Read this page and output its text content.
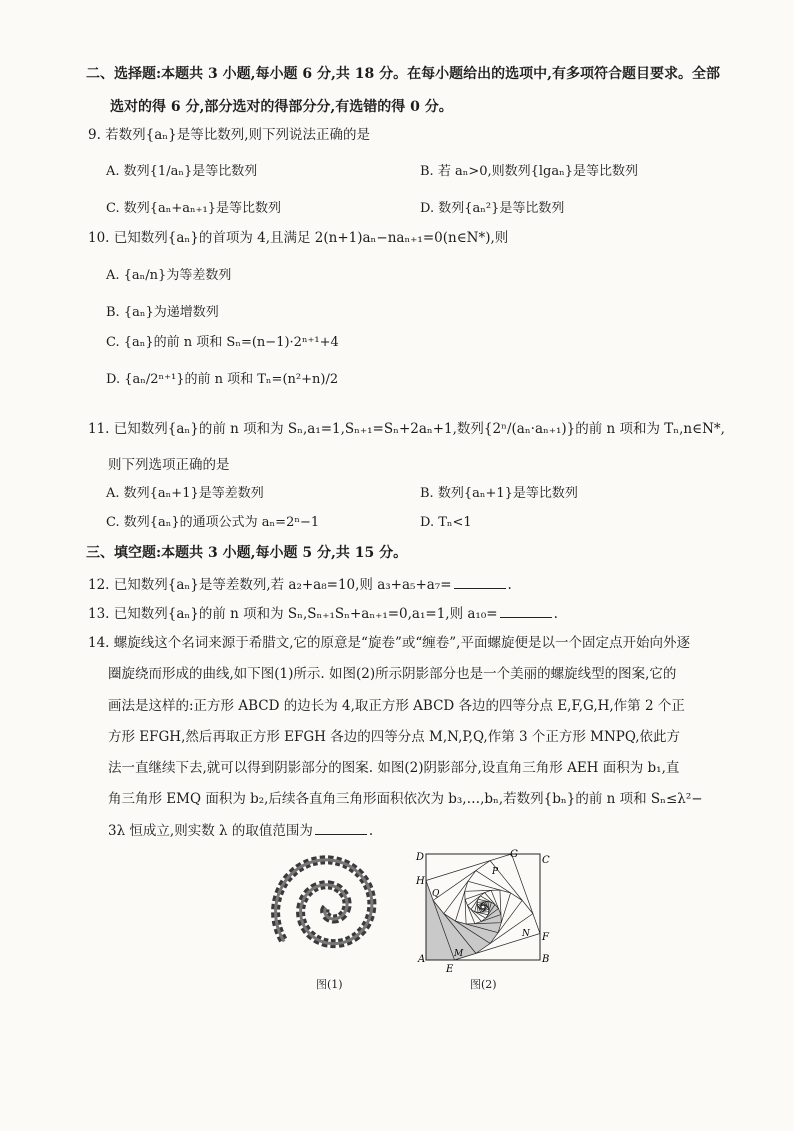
二、选择题:本题共 3 小题,每小题 6 分,共 18 分。在每小题给出的选项中,有多项符合题目要求。全部
选对的得 6 分,部分选对的得部分分,有选错的得 0 分。
9. 若数列{aₙ}是等比数列,则下列说法正确的是
A. 数列{1/aₙ}是等比数列	B. 若 aₙ>0,则数列{lgaₙ}是等比数列
C. 数列{aₙ+aₙ₊₁}是等比数列	D. 数列{aₙ²}是等比数列
10. 已知数列{aₙ}的首项为 4,且满足 2(n+1)aₙ−naₙ₊₁=0(n∈N*),则
A. {aₙ/n}为等差数列
B. {aₙ}为递增数列
C. {aₙ}的前 n 项和 Sₙ=(n−1)·2ⁿ⁺¹+4
D. {aₙ/2ⁿ⁺¹}的前 n 项和 Tₙ=(n²+n)/2
11. 已知数列{aₙ}的前 n 项和为 Sₙ,a₁=1,Sₙ₊₁=Sₙ+2aₙ+1,数列{2ⁿ/(aₙ·aₙ₊₁)}的前 n 项和为 Tₙ,n∈N*,
则下列选项正确的是
A. 数列{aₙ+1}是等差数列	B. 数列{aₙ+1}是等比数列
C. 数列{aₙ}的通项公式为 aₙ=2ⁿ−1	D. Tₙ<1
三、填空题:本题共 3 小题,每小题 5 分,共 15 分。
12. 已知数列{aₙ}是等差数列,若 a₂+a₈=10,则 a₃+a₅+a₇=	.
13. 已知数列{aₙ}的前 n 项和为 Sₙ,Sₙ₊₁Sₙ+aₙ₊₁=0,a₁=1,则 a₁₀=	.
14. 螺旋线这个名词来源于希腊文,它的原意是“旋卷”或“缠卷”,平面螺旋便是以一个固定点开始向外逐
圈旋绕而形成的曲线,如下图(1)所示. 如图(2)所示阴影部分也是一个美丽的螺旋线型的图案,它的
画法是这样的:正方形 ABCD 的边长为 4,取正方形 ABCD 各边的四等分点 E,F,G,H,作第 2 个正
方形 EFGH,然后再取正方形 EFGH 各边的四等分点 M,N,P,Q,作第 3 个正方形 MNPQ,依此方
法一直继续下去,就可以得到阴影部分的图案. 如图(2)阴影部分,设直角三角形 AEH 面积为 b₁,直
角三角形 EMQ 面积为 b₂,后续各直角三角形面积依次为 b₃,…,bₙ,若数列{bₙ}的前 n 项和 Sₙ≤λ²−
3λ 恒成立,则实数 λ 的取值范围为	.
图(1)
D	C
A	B
E
F
G
H
M
N
P
Q
图(2)
